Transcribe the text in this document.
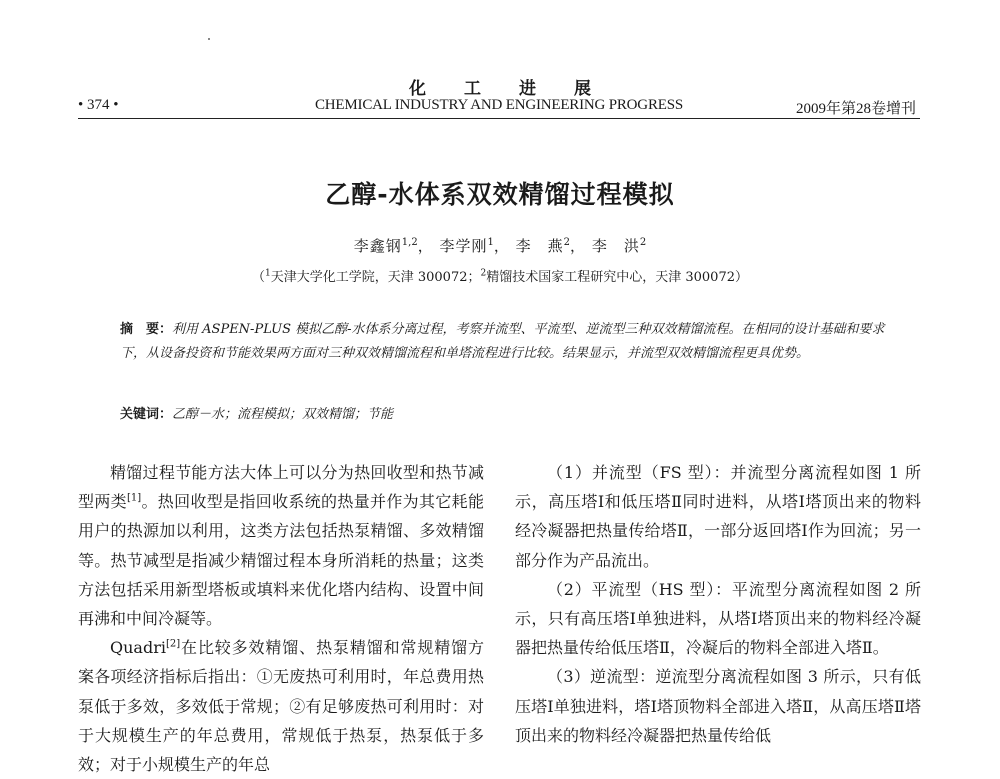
化工进展
• 374 •	CHEMICAL INDUSTRY AND ENGINEERING PROGRESS	2009年第28卷增刊
乙醇-水体系双效精馏过程模拟
李鑫钢$^{1,2}$， 李学刚$^1$， 李　燕$^2$， 李　洪$^2$
（$^1$天津大学化工学院，天津 300072；$^2$精馏技术国家工程研究中心，天津 300072）
摘　要：利用 ASPEN-PLUS 模拟乙醇-水体系分离过程，考察并流型、平流型、逆流型三种双效精馏流程。在相同的设计基础和要求下，从设备投资和节能效果两方面对三种双效精馏流程和单塔流程进行比较。结果显示，并流型双效精馏流程更具优势。
关键词：乙醇－水；流程模拟；双效精馏；节能

精馏过程节能方法大体上可以分为热回收型和热节减型两类[1]。热回收型是指回收系统的热量并作为其它耗能用户的热源加以利用，这类方法包括热泵精馏、多效精馏等。热节减型是指减少精馏过程本身所消耗的热量；这类方法包括采用新型塔板或填料来优化塔内结构、设置中间再沸和中间冷凝等。

Quadri[2]在比较多效精馏、热泵精馏和常规精馏方案各项经济指标后指出：①无废热可利用时，年总费用热泵低于多效，多效低于常规；②有足够废热可利用时：对于大规模生产的年总费用，常规低于热泵，热泵低于多效；对于小规模生产的年总

（1）并流型（FS 型）：并流型分离流程如图 1 所示，高压塔Ⅰ和低压塔Ⅱ同时进料，从塔Ⅰ塔顶出来的物料经冷凝器把热量传给塔Ⅱ，一部分返回塔Ⅰ作为回流；另一部分作为产品流出。

（2）平流型（HS 型）：平流型分离流程如图 2 所示，只有高压塔Ⅰ单独进料，从塔Ⅰ塔顶出来的物料经冷凝器把热量传给低压塔Ⅱ，冷凝后的物料全部进入塔Ⅱ。

（3）逆流型：逆流型分离流程如图 3 所示，只有低压塔Ⅰ单独进料，塔Ⅰ塔顶物料全部进入塔Ⅱ，从高压塔Ⅱ塔顶出来的物料经冷凝器把热量传给低
